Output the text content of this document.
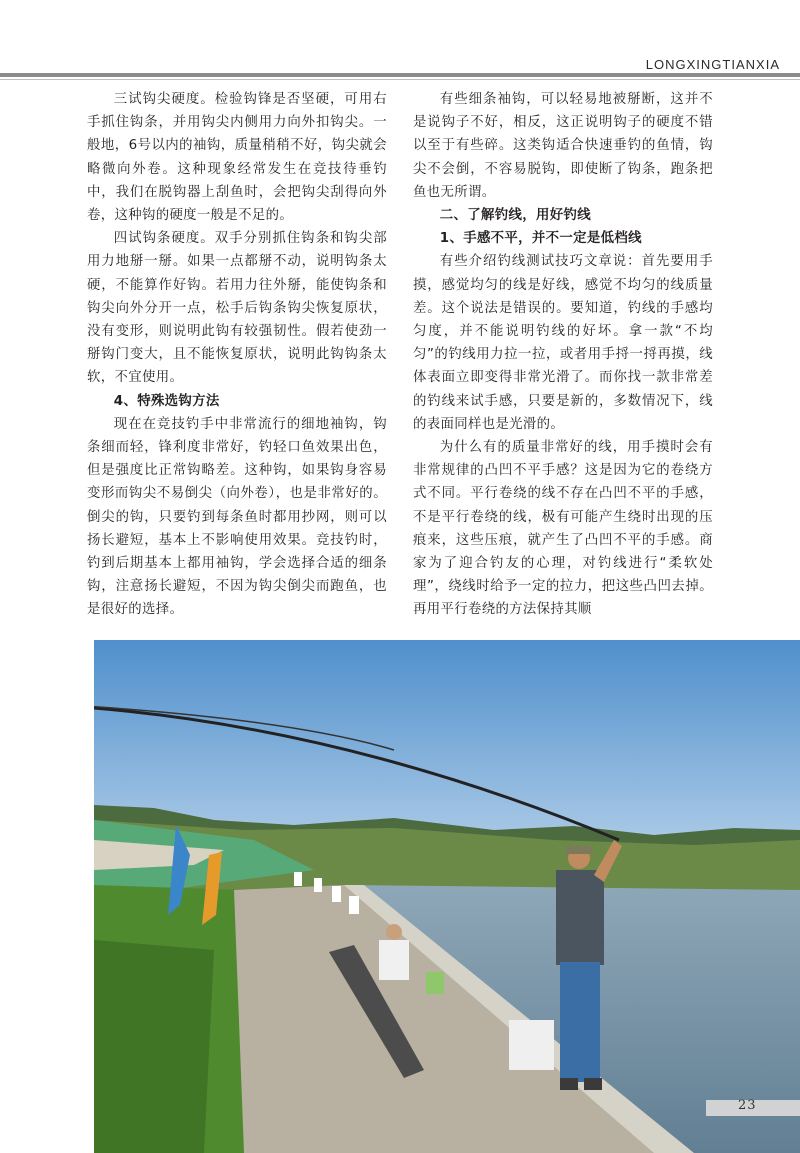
LONGXINGTIANXIA

三试钩尖硬度。检验钩锋是否坚硬，可用右手抓住钩条，并用钩尖内侧用力向外扣钩尖。一般地，6号以内的袖钩，质量稍稍不好，钩尖就会略微向外卷。这种现象经常发生在竞技待垂钓中，我们在脱钩器上刮鱼时，会把钩尖刮得向外卷，这种钩的硬度一般是不足的。

四试钩条硬度。双手分别抓住钩条和钩尖部用力地掰一掰。如果一点都掰不动，说明钩条太硬，不能算作好钩。若用力往外掰，能使钩条和钩尖向外分开一点，松手后钩条钩尖恢复原状，没有变形，则说明此钩有较强韧性。假若使劲一掰钩门变大，且不能恢复原状，说明此钩钩条太软，不宜使用。

4、特殊选钩方法

现在在竞技钓手中非常流行的细地袖钩，钩条细而轻，锋利度非常好，钓轻口鱼效果出色，但是强度比正常钩略差。这种钩，如果钩身容易变形而钩尖不易倒尖（向外卷），也是非常好的。倒尖的钩，只要钓到每条鱼时都用抄网，则可以扬长避短，基本上不影响使用效果。竞技钓时，钓到后期基本上都用袖钩，学会选择合适的细条钩，注意扬长避短，不因为钩尖倒尖而跑鱼，也是很好的选择。

有些细条袖钩，可以轻易地被掰断，这并不是说钩子不好，相反，这正说明钩子的硬度不错以至于有些碎。这类钩适合快速垂钓的鱼情，钩尖不会倒，不容易脱钩，即使断了钩条，跑条把鱼也无所谓。

二、了解钓线，用好钓线
1、手感不平，并不一定是低档线

有些介绍钓线测试技巧文章说：首先要用手摸，感觉均匀的线是好线，感觉不均匀的线质量差。这个说法是错误的。要知道，钓线的手感均匀度，并不能说明钓线的好坏。拿一款“不均匀”的钓线用力拉一拉，或者用手捋一捋再摸，线体表面立即变得非常光滑了。而你找一款非常差的钓线来试手感，只要是新的，多数情况下，线的表面同样也是光滑的。

为什么有的质量非常好的线，用手摸时会有非常规律的凸凹不平手感？这是因为它的卷绕方式不同。平行卷绕的线不存在凸凹不平的手感，不是平行卷绕的线，极有可能产生绕时出现的压痕来，这些压痕，就产生了凸凹不平的手感。商家为了迎合钓友的心理，对钓线进行“柔软处理”，绕线时给予一定的拉力，把这些凸凹去掉。再用平行卷绕的方法保持其顺

23
